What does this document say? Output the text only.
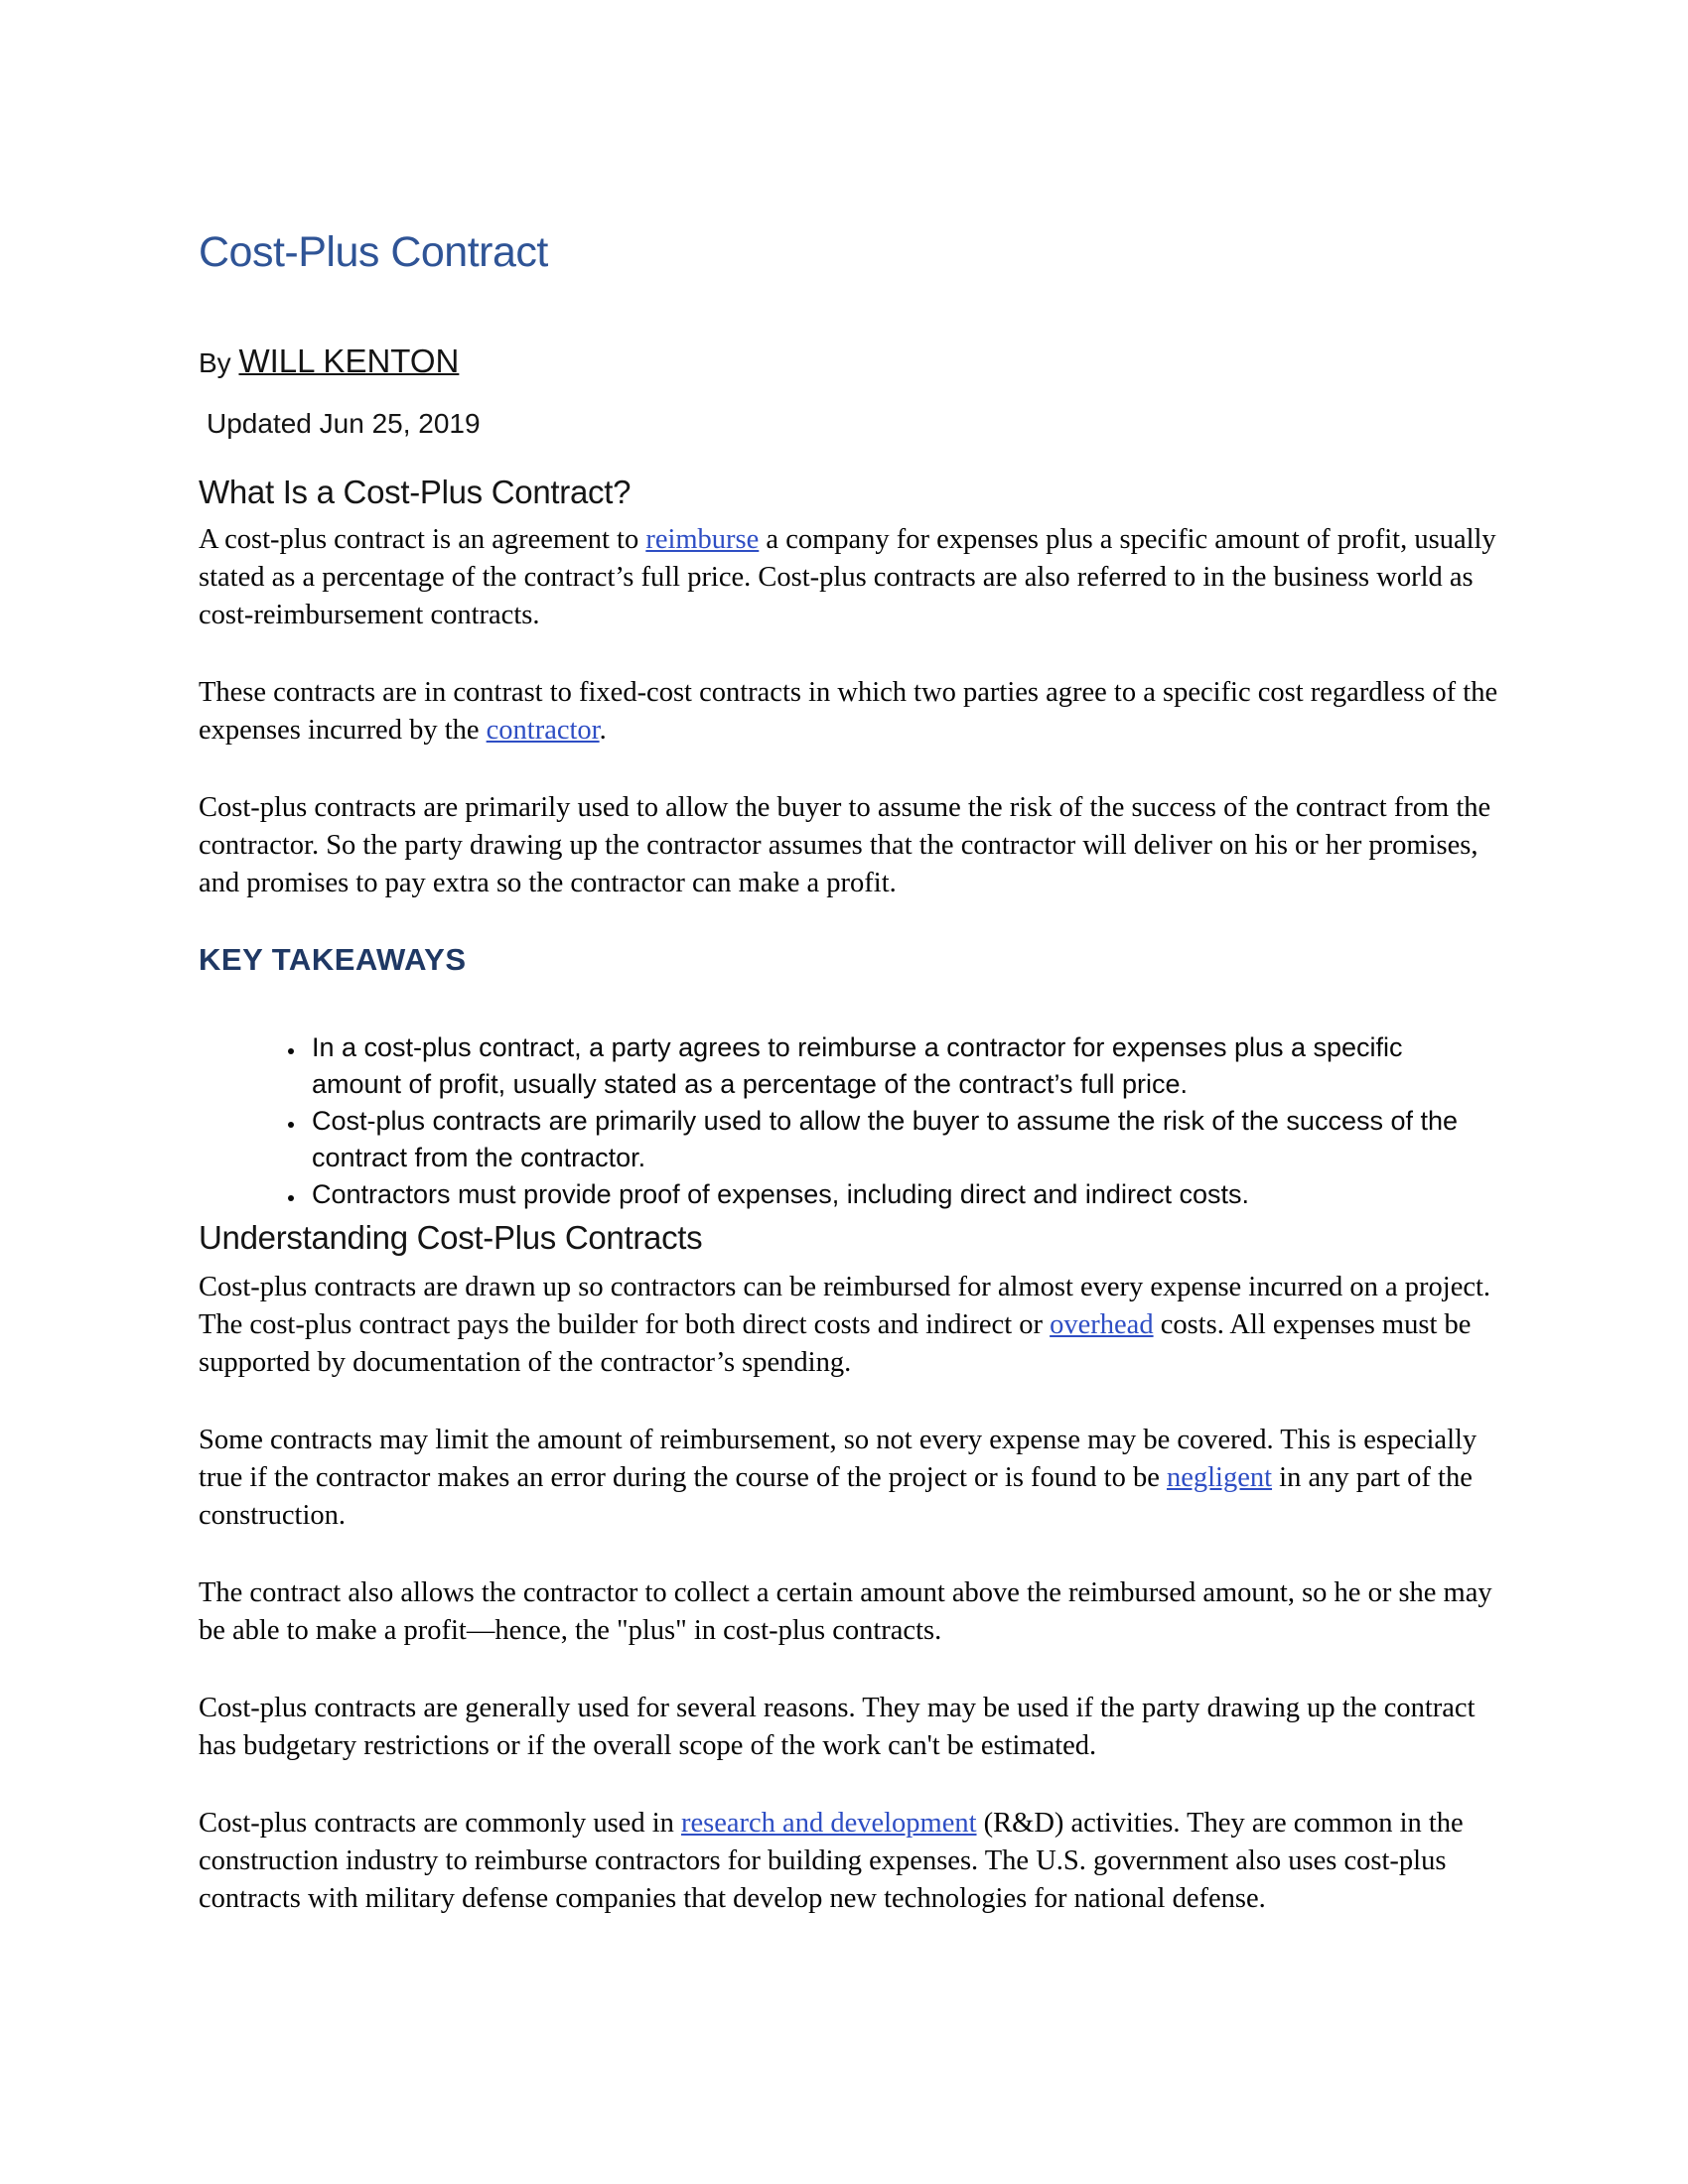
Cost-Plus Contract

By WILL KENTON

Updated Jun 25, 2019

What Is a Cost-Plus Contract?

A cost-plus contract is an agreement to reimburse a company for expenses plus a specific amount of profit, usually stated as a percentage of the contract’s full price. Cost-plus contracts are also referred to in the business world as cost-reimbursement contracts.

These contracts are in contrast to fixed-cost contracts in which two parties agree to a specific cost regardless of the expenses incurred by the contractor.

Cost-plus contracts are primarily used to allow the buyer to assume the risk of the success of the contract from the contractor. So the party drawing up the contractor assumes that the contractor will deliver on his or her promises, and promises to pay extra so the contractor can make a profit.

KEY TAKEAWAYS
• In a cost-plus contract, a party agrees to reimburse a contractor for expenses plus a specific amount of profit, usually stated as a percentage of the contract’s full price.
• Cost-plus contracts are primarily used to allow the buyer to assume the risk of the success of the contract from the contractor.
• Contractors must provide proof of expenses, including direct and indirect costs.
Understanding Cost-Plus Contracts

Cost-plus contracts are drawn up so contractors can be reimbursed for almost every expense incurred on a project. The cost-plus contract pays the builder for both direct costs and indirect or overhead costs. All expenses must be supported by documentation of the contractor’s spending.

Some contracts may limit the amount of reimbursement, so not every expense may be covered. This is especially true if the contractor makes an error during the course of the project or is found to be negligent in any part of the construction.

The contract also allows the contractor to collect a certain amount above the reimbursed amount, so he or she may be able to make a profit—hence, the "plus" in cost-plus contracts.

Cost-plus contracts are generally used for several reasons. They may be used if the party drawing up the contract has budgetary restrictions or if the overall scope of the work can't be estimated.

Cost-plus contracts are commonly used in research and development (R&D) activities. They are common in the construction industry to reimburse contractors for building expenses. The U.S. government also uses cost-plus contracts with military defense companies that develop new technologies for national defense.
